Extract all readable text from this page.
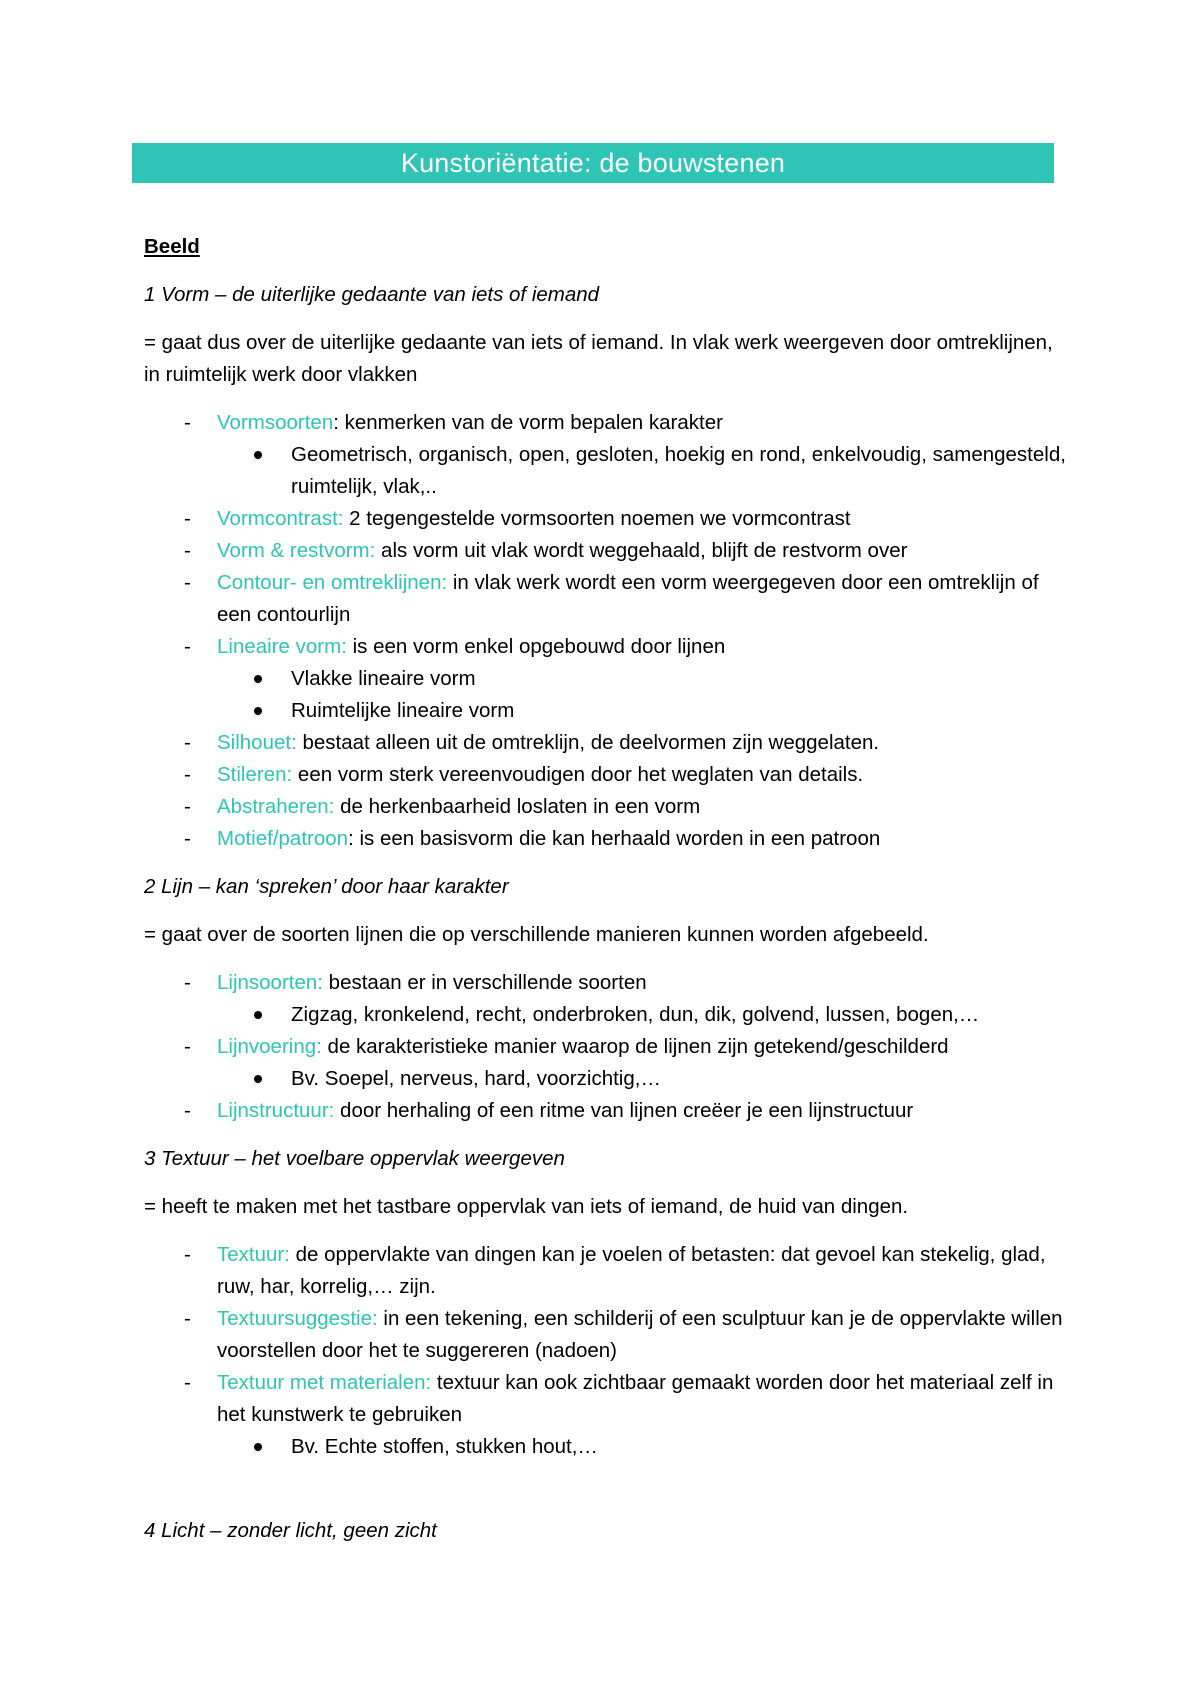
Kunstoriëntatie: de bouwstenen
Beeld
1 Vorm – de uiterlijke gedaante van iets of iemand
= gaat dus over de uiterlijke gedaante van iets of iemand. In vlak werk weergeven door omtreklijnen, in ruimtelijk werk door vlakken
- Vormsoorten: kenmerken van de vorm bepalen karakter
Geometrisch, organisch, open, gesloten, hoekig en rond, enkelvoudig, samengesteld, ruimtelijk, vlak,..
- Vormcontrast: 2 tegengestelde vormsoorten noemen we vormcontrast
- Vorm & restvorm: als vorm uit vlak wordt weggehaald, blijft de restvorm over
- Contour- en omtreklijnen: in vlak werk wordt een vorm weergegeven door een omtreklijn of een contourlijn
- Lineaire vorm: is een vorm enkel opgebouwd door lijnen
Vlakke lineaire vorm
Ruimtelijke lineaire vorm
- Silhouet: bestaat alleen uit de omtreklijn, de deelvormen zijn weggelaten.
- Stileren: een vorm sterk vereenvoudigen door het weglaten van details.
- Abstraheren: de herkenbaarheid loslaten in een vorm
- Motief/patroon: is een basisvorm die kan herhaald worden in een patroon
2 Lijn – kan ‘spreken’ door haar karakter
= gaat over de soorten lijnen die op verschillende manieren kunnen worden afgebeeld.
- Lijnsoorten: bestaan er in verschillende soorten
Zigzag, kronkelend, recht, onderbroken, dun, dik, golvend, lussen, bogen,…
- Lijnvoering: de karakteristieke manier waarop de lijnen zijn getekend/geschilderd
Bv. Soepel, nerveus, hard, voorzichtig,…
- Lijnstructuur: door herhaling of een ritme van lijnen creëer je een lijnstructuur
3 Textuur – het voelbare oppervlak weergeven
= heeft te maken met het tastbare oppervlak van iets of iemand, de huid van dingen.
- Textuur: de oppervlakte van dingen kan je voelen of betasten: dat gevoel kan stekelig, glad, ruw, har, korrelig,… zijn.
- Textuursuggestie: in een tekening, een schilderij of een sculptuur kan je de oppervlakte willen voorstellen door het te suggereren (nadoen)
- Textuur met materialen: textuur kan ook zichtbaar gemaakt worden door het materiaal zelf in het kunstwerk te gebruiken
Bv. Echte stoffen, stukken hout,…
4 Licht – zonder licht, geen zicht
